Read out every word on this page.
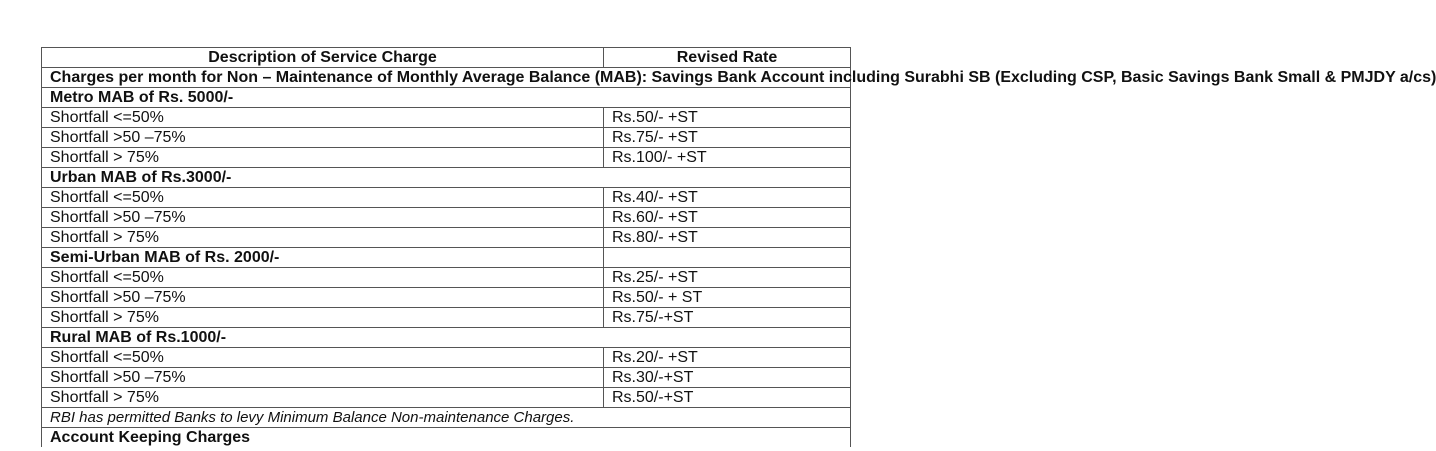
Description of Service Charge	Revised Rate
Charges per month for Non – Maintenance of Monthly Average Balance (MAB): Savings Bank Account including Surabhi SB (Excluding CSP, Basic Savings Bank Small & PMJDY a/cs)	
Metro MAB of Rs. 5000/-	
Shortfall <=50%	Rs.50/- +ST
Shortfall >50 –75%	Rs.75/- +ST
Shortfall > 75%	Rs.100/- +ST
Urban MAB of Rs.3000/-	
Shortfall <=50%	Rs.40/- +ST
Shortfall >50 –75%	Rs.60/- +ST
Shortfall > 75%	Rs.80/- +ST
Semi-Urban MAB of Rs. 2000/-	
Shortfall <=50%	Rs.25/- +ST
Shortfall >50 –75%	Rs.50/- + ST
Shortfall > 75%	Rs.75/-+ST
Rural MAB of Rs.1000/-	
Shortfall <=50%	Rs.20/- +ST
Shortfall >50 –75%	Rs.30/-+ST
Shortfall > 75%	Rs.50/-+ST
RBI has permitted Banks to levy Minimum Balance Non-maintenance Charges.	
Account Keeping Charges	
